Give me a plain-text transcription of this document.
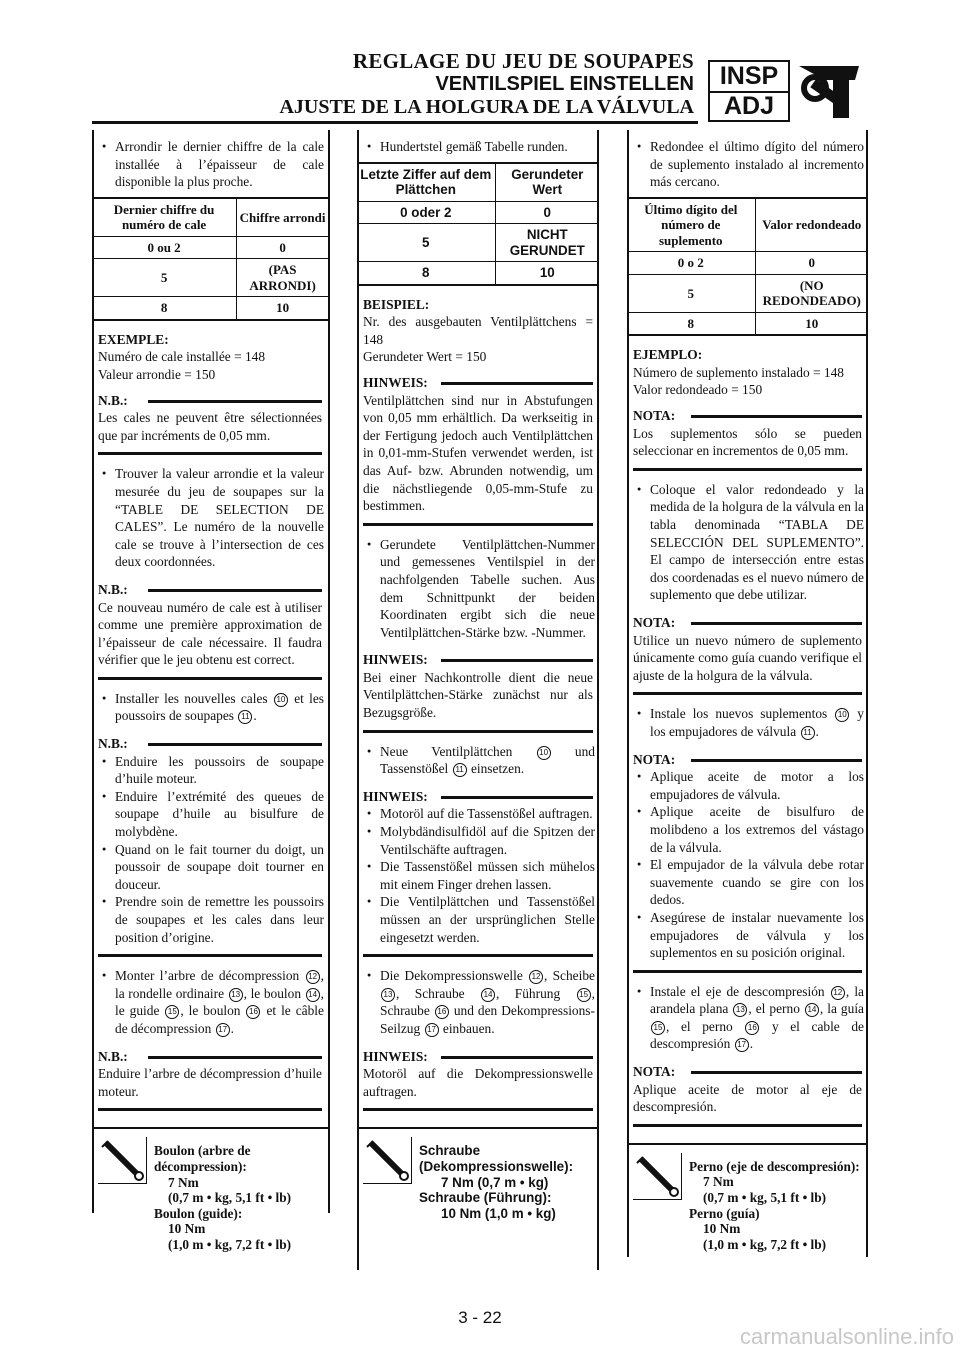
REGLAGE DU JEU DE SOUPAPES
VENTILSPIEL EINSTELLEN
AJUSTE DE LA HOLGURA DE LA VÁLVULA
INSP
ADJ
● Arrondir le dernier chiffre de la cale installée à l’épaisseur de cale disponible la plus proche.
Dernier chiffre du numéro de cale	Chiffre arrondi
0 ou 2	0
5	(PAS ARRONDI)
8	10
EXEMPLE:
Numéro de cale installée = 148
Valeur arrondie = 150
N.B.:
Les cales ne peuvent être sélectionnées que par incréments de 0,05 mm.
● Trouver la valeur arrondie et la valeur mesurée du jeu de soupapes sur la “TABLE DE SELECTION DE CALES”. Le numéro de la nouvelle cale se trouve à l’intersection de ces deux coordonnées.
N.B.:
Ce nouveau numéro de cale est à utiliser comme une première approximation de l’épaisseur de cale nécessaire. Il faudra vérifier que le jeu obtenu est correct.
● Installer les nouvelles cales 10 et les poussoirs de soupapes 11 .
N.B.:
● Enduire les poussoirs de soupape d’huile moteur.
● Enduire l’extrémité des queues de soupape d’huile au bisulfure de molybdène.
● Quand on le fait tourner du doigt, un poussoir de soupape doit tourner en douceur.
● Prendre soin de remettre les poussoirs de soupapes et les cales dans leur position d’origine.
● Monter l’arbre de décompression 12 , la rondelle ordinaire 13 , le boulon 14 , le guide 15 , le boulon 16 et le câble de décompression 17 .
N.B.:
Enduire l’arbre de décompression d’huile moteur.
Boulon (arbre de décompression):
7 Nm
(0,7 m • kg, 5,1 ft • lb)
Boulon (guide):
10 Nm
(1,0 m • kg, 7,2 ft • lb)
● Hundertstel gemäß Tabelle runden.
Letzte Ziffer auf dem Plättchen	Gerundeter Wert
0 oder 2	0
5	NICHT GERUNDET
8	10
BEISPIEL:
Nr. des ausgebauten Ventilplättchens = 148
Gerundeter Wert = 150
HINWEIS:
Ventilplättchen sind nur in Abstufungen von 0,05 mm erhältlich. Da werkseitig in der Fertigung jedoch auch Ventilplättchen in 0,01-mm-Stufen verwendet werden, ist das Auf- bzw. Abrunden notwendig, um die nächstliegende 0,05-mm-Stufe zu bestimmen.
● Gerundete Ventilplättchen-Nummer und gemessenes Ventilspiel in der nachfolgenden Tabelle suchen. Aus dem Schnittpunkt der beiden Koordinaten ergibt sich die neue Ventilplättchen-Stärke bzw. -Nummer.
HINWEIS:
Bei einer Nachkontrolle dient die neue Ventilplättchen-Stärke zunächst nur als Bezugsgröße.
● Neue Ventilplättchen	10 und Tassenstößel 11 einsetzen.
HINWEIS:
● Motoröl auf die Tassenstößel auftragen.
● Molybdändisulfidöl auf die Spitzen der Ventilschäfte auftragen.
● Die Tassenstößel müssen sich mühelos mit einem Finger drehen lassen.
● Die Ventilplättchen und Tassenstößel müssen an der ursprünglichen Stelle eingesetzt werden.
● Die Dekompressionswelle 12 , Scheibe 13 , Schraube 14 , Führung 15 , Schraube 16 und den Dekompressions-Seilzug 17 einbauen.
HINWEIS:
Motoröl auf die Dekompressionswelle auftragen.
Schraube (Dekompressionswelle):
7 Nm (0,7 m • kg)
Schraube (Führung):
10 Nm (1,0 m • kg)
● Redondee el último dígito del número de suplemento instalado al incremento más cercano.
Último dígito del número de suplemento	Valor redondeado
0 o 2	0
5	(NO REDONDEADO)
8	10
EJEMPLO:
Número de suplemento instalado = 148
Valor redondeado = 150
NOTA:
Los suplementos sólo se pueden seleccionar en incrementos de 0,05 mm.
● Coloque el valor redondeado y la medida de la holgura de la válvula en la tabla denominada “TABLA DE SELECCIÓN DEL SUPLEMENTO”. El campo de intersección entre estas dos coordenadas es el nuevo número de suplemento que debe utilizar.
NOTA:
Utilice un nuevo número de suplemento únicamente como guía cuando verifique el ajuste de la holgura de la válvula.
● Instale los nuevos suplementos 10 y los empujadores de válvula 11 .
NOTA:
● Aplique aceite de motor a los empujadores de válvula.
● Aplique aceite de bisulfuro de molibdeno a los extremos del vástago de la válvula.
● El empujador de la válvula debe rotar suavemente cuando se gire con los dedos.
● Asegúrese de instalar nuevamente los empujadores de válvula y los suplementos en su posición original.
● Instale el eje de descompresión 12 , la arandela plana 13 , el perno 14 , la guía 15 , el perno 16 y el cable de descompresión 17 .
NOTA:
Aplique aceite de motor al eje de descompresión.
Perno (eje de descompresión):
7 Nm
(0,7 m • kg, 5,1 ft • lb)
Perno (guía)
10 Nm
(1,0 m • kg, 7,2 ft • lb)
3 - 22
carmanualsonline.info
